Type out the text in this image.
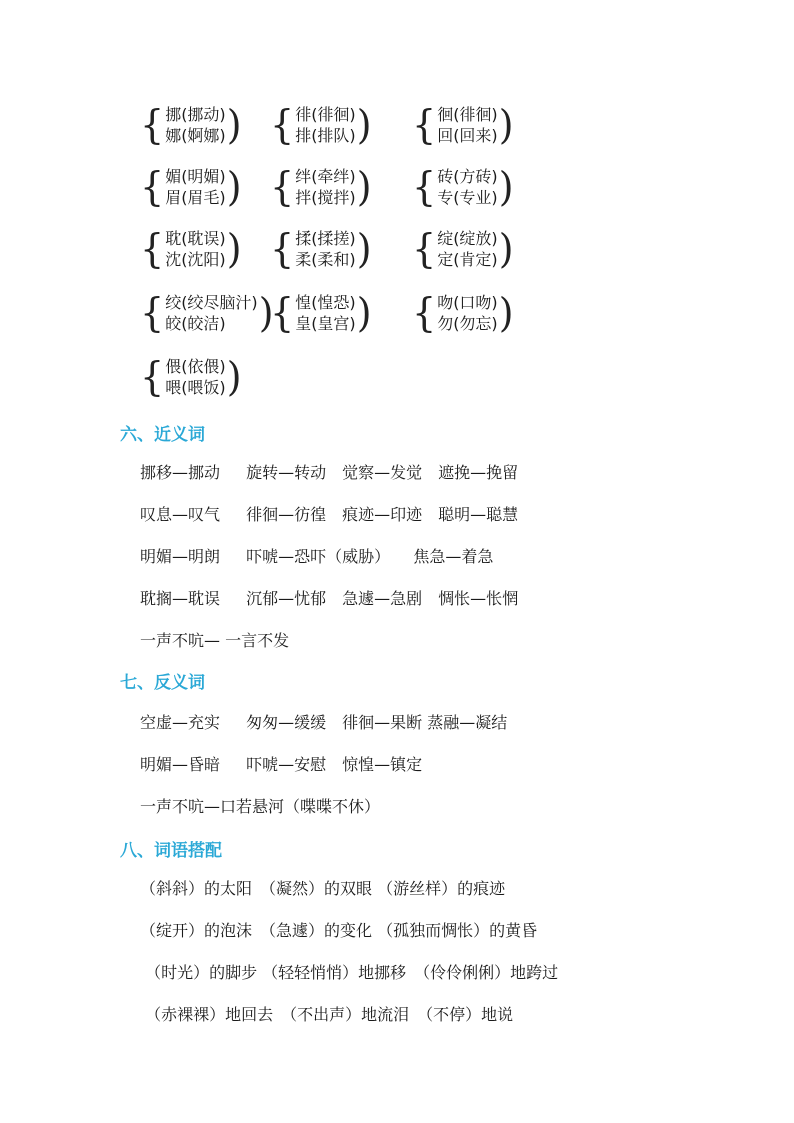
{ 挪(挪动)
娜(婀娜) ) { 徘(徘徊)
排(排队) ) { 徊(徘徊)
回(回来) )
{ 媚(明媚)
眉(眉毛) ) { 绊(牵绊)
拌(搅拌) ) { 砖(方砖)
专(专业) )
{ 耽(耽误)
沈(沈阳) ) { 揉(揉搓)
柔(柔和) ) { 绽(绽放)
定(肯定) )
{ 绞(绞尽脑汁)
皎(皎洁) )
{ 惶(惶恐)
皇(皇宫) ) { 吻(口吻)
勿(勿忘) )
{ 偎(依偎)
喂(喂饭) )
六、近义词
挪移—挪动　  旋转—转动　觉察—发觉　遮挽—挽留
叹息—叹气　  徘徊—彷徨　痕迹—印迹　聪明—聪慧
明媚—明朗　  吓唬—恐吓（威胁）　   焦急—着急
耽搁—耽误　  沉郁—忧郁　急遽—急剧　惆怅—怅惘
一声不吭— 一言不发
七、反义词
空虚—充实　  匆匆—缓缓　徘徊—果断 蒸融—凝结
明媚—昏暗　  吓唬—安慰　惊惶—镇定
一声不吭—口若悬河（喋喋不休）
八、词语搭配
（斜斜）的太阳　（凝然）的双眼 （游丝样）的痕迹
（绽开）的泡沫　（急遽）的变化 （孤独而惆怅）的黄昏
（时光）的脚步 （轻轻悄悄）地挪移　（伶伶俐俐）地跨过
（赤裸裸）地回去　（不出声）地流泪　（不停）地说
